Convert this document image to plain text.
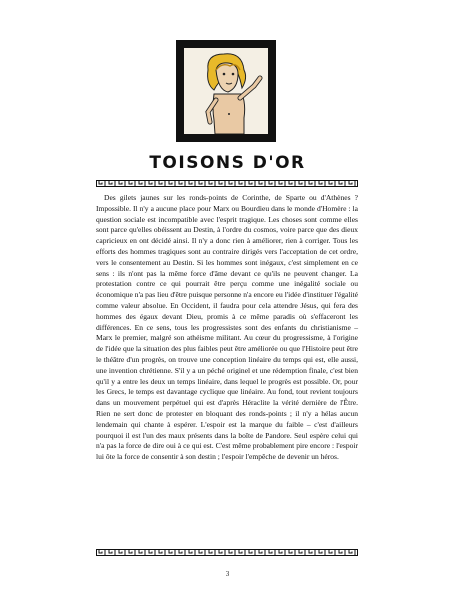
TOISONS D'OR

Des gilets jaunes sur les ronds-points de Corinthe, de Sparte ou d'Athènes ? Impossible. Il n'y a aucune place pour Marx ou Bourdieu dans le monde d'Homère : la question sociale est incompatible avec l'esprit tragique. Les choses sont comme elles sont parce qu'elles obéissent au Destin, à l'ordre du cosmos, voire parce que des dieux capricieux en ont décidé ainsi. Il n'y a donc rien à améliorer, rien à corriger. Tous les efforts des hommes tragiques sont au contraire dirigés vers l'acceptation de cet ordre, vers le consentement au Destin. Si les hommes sont inégaux, c'est simplement en ce sens : ils n'ont pas la même force d'âme devant ce qu'ils ne peuvent changer. La protestation contre ce qui pourrait être perçu comme une inégalité sociale ou économique n'a pas lieu d'être puisque personne n'a encore eu l'idée d'instituer l'égalité comme valeur absolue. En Occident, il faudra pour cela attendre Jésus, qui fera des hommes des égaux devant Dieu, promis à ce même paradis où s'effaceront les différences. En ce sens, tous les progressistes sont des enfants du christianisme – Marx le premier, malgré son athéisme militant. Au cœur du progressisme, à l'origine de l'idée que la situation des plus faibles peut être améliorée ou que l'Histoire peut être le théâtre d'un progrès, on trouve une conception linéaire du temps qui est, elle aussi, une invention chrétienne. S'il y a un péché originel et une rédemption finale, c'est bien qu'il y a entre les deux un temps linéaire, dans lequel le progrès est possible. Or, pour les Grecs, le temps est davantage cyclique que linéaire. Au fond, tout revient toujours dans un mouvement perpétuel qui est d'après Héraclite la vérité dernière de l'Être. Rien ne sert donc de protester en bloquant des ronds-points ; il n'y a hélas aucun lendemain qui chante à espérer. L'espoir est la marque du faible – c'est d'ailleurs pourquoi il est l'un des maux présents dans la boîte de Pandore. Seul espère celui qui n'a pas la force de dire oui à ce qui est. C'est même probablement pire encore : l'espoir lui ôte la force de consentir à son destin ; l'espoir l'empêche de devenir un héros.

3
